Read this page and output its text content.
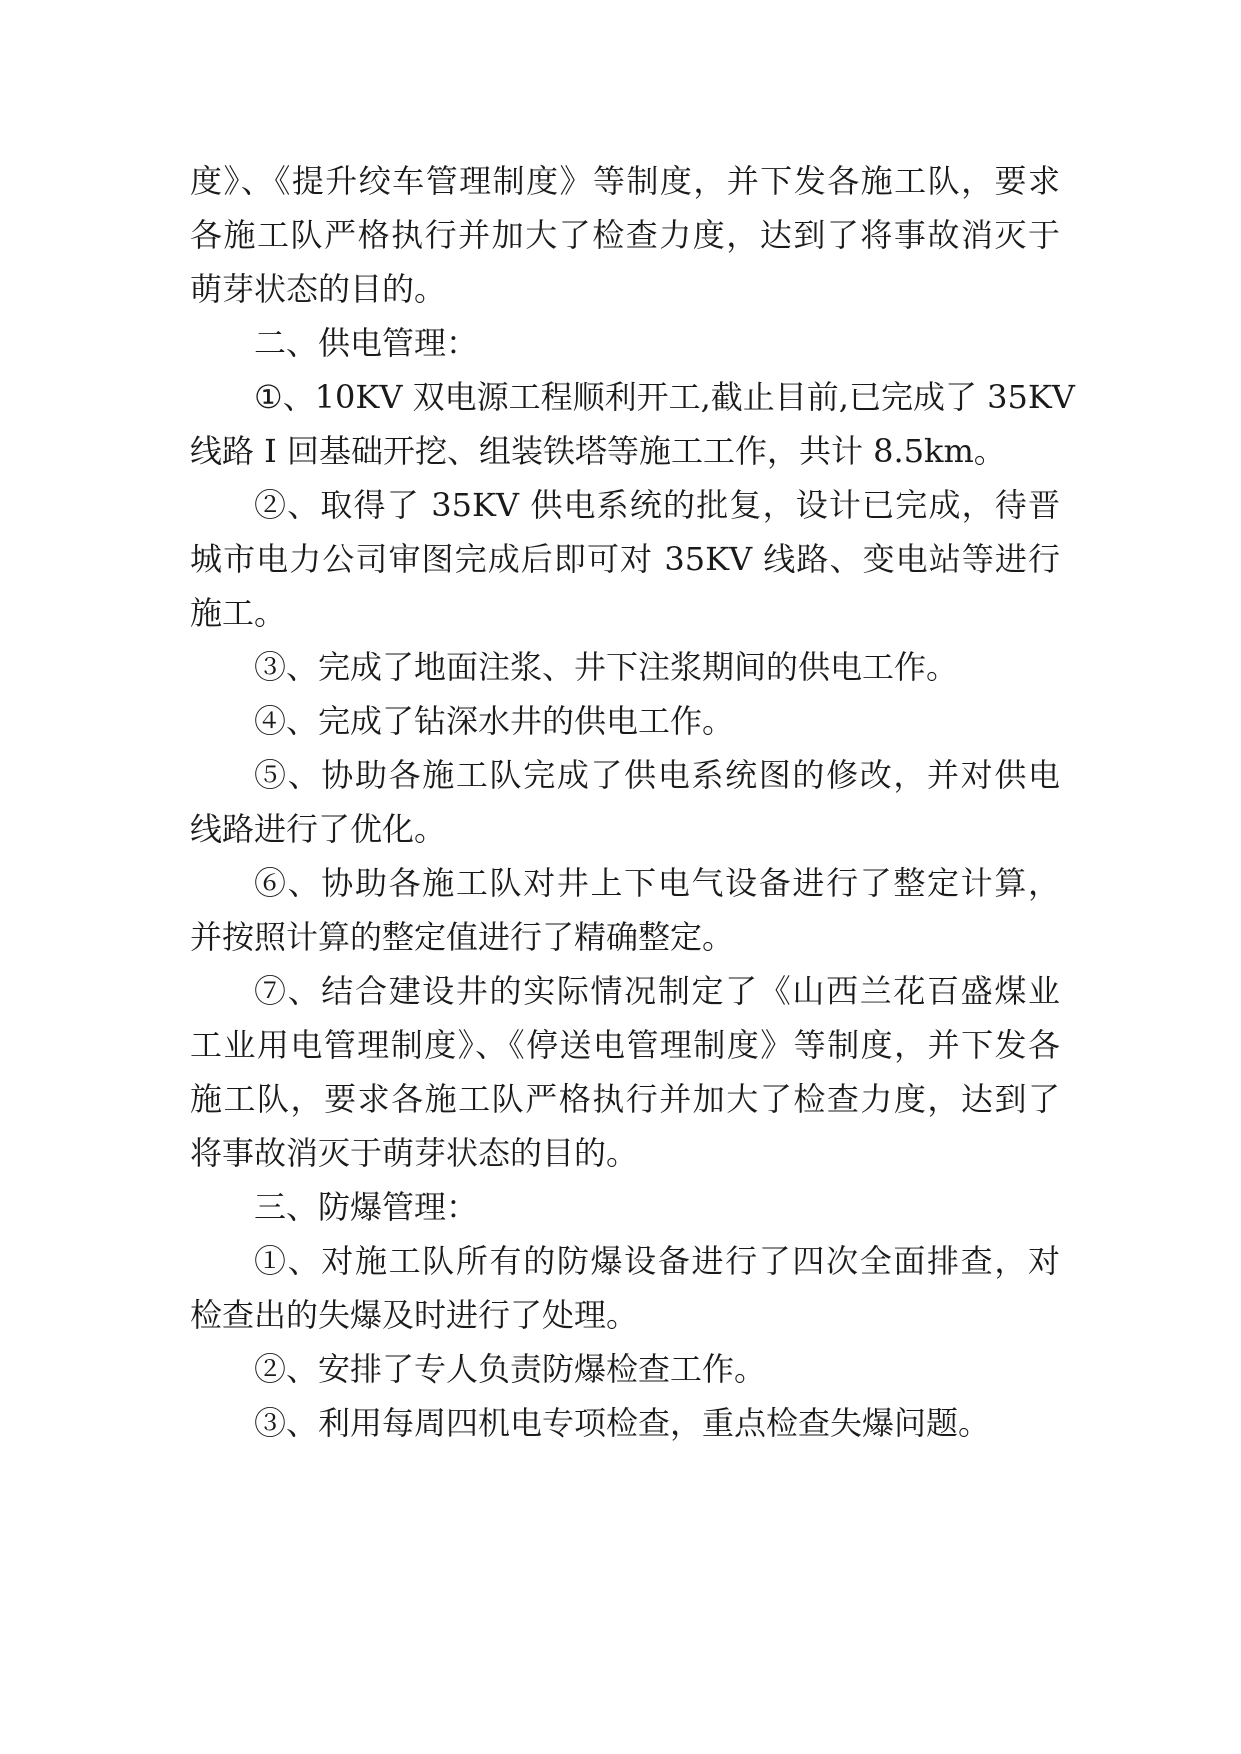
度》、《提升绞车管理制度》等制度，并下发各施工队，要求
各施工队严格执行并加大了检查力度，达到了将事故消灭于
萌芽状态的目的。
二、供电管理：
①、10KV 双电源工程顺利开工,截止目前,已完成了 35KV
线路 I 回基础开挖、组装铁塔等施工工作，共计 8.5km。
②、取得了 35KV 供电系统的批复，设计已完成，待晋
城市电力公司审图完成后即可对 35KV 线路、变电站等进行
施工。
③、完成了地面注浆、井下注浆期间的供电工作。
④、完成了钻深水井的供电工作。
⑤、协助各施工队完成了供电系统图的修改，并对供电
线路进行了优化。
⑥、协助各施工队对井上下电气设备进行了整定计算，
并按照计算的整定值进行了精确整定。
⑦、结合建设井的实际情况制定了《山西兰花百盛煤业
工业用电管理制度》、《停送电管理制度》等制度，并下发各
施工队，要求各施工队严格执行并加大了检查力度，达到了
将事故消灭于萌芽状态的目的。
三、防爆管理：
①、对施工队所有的防爆设备进行了四次全面排查，对
检查出的失爆及时进行了处理。
②、安排了专人负责防爆检查工作。
③、利用每周四机电专项检查，重点检查失爆问题。
